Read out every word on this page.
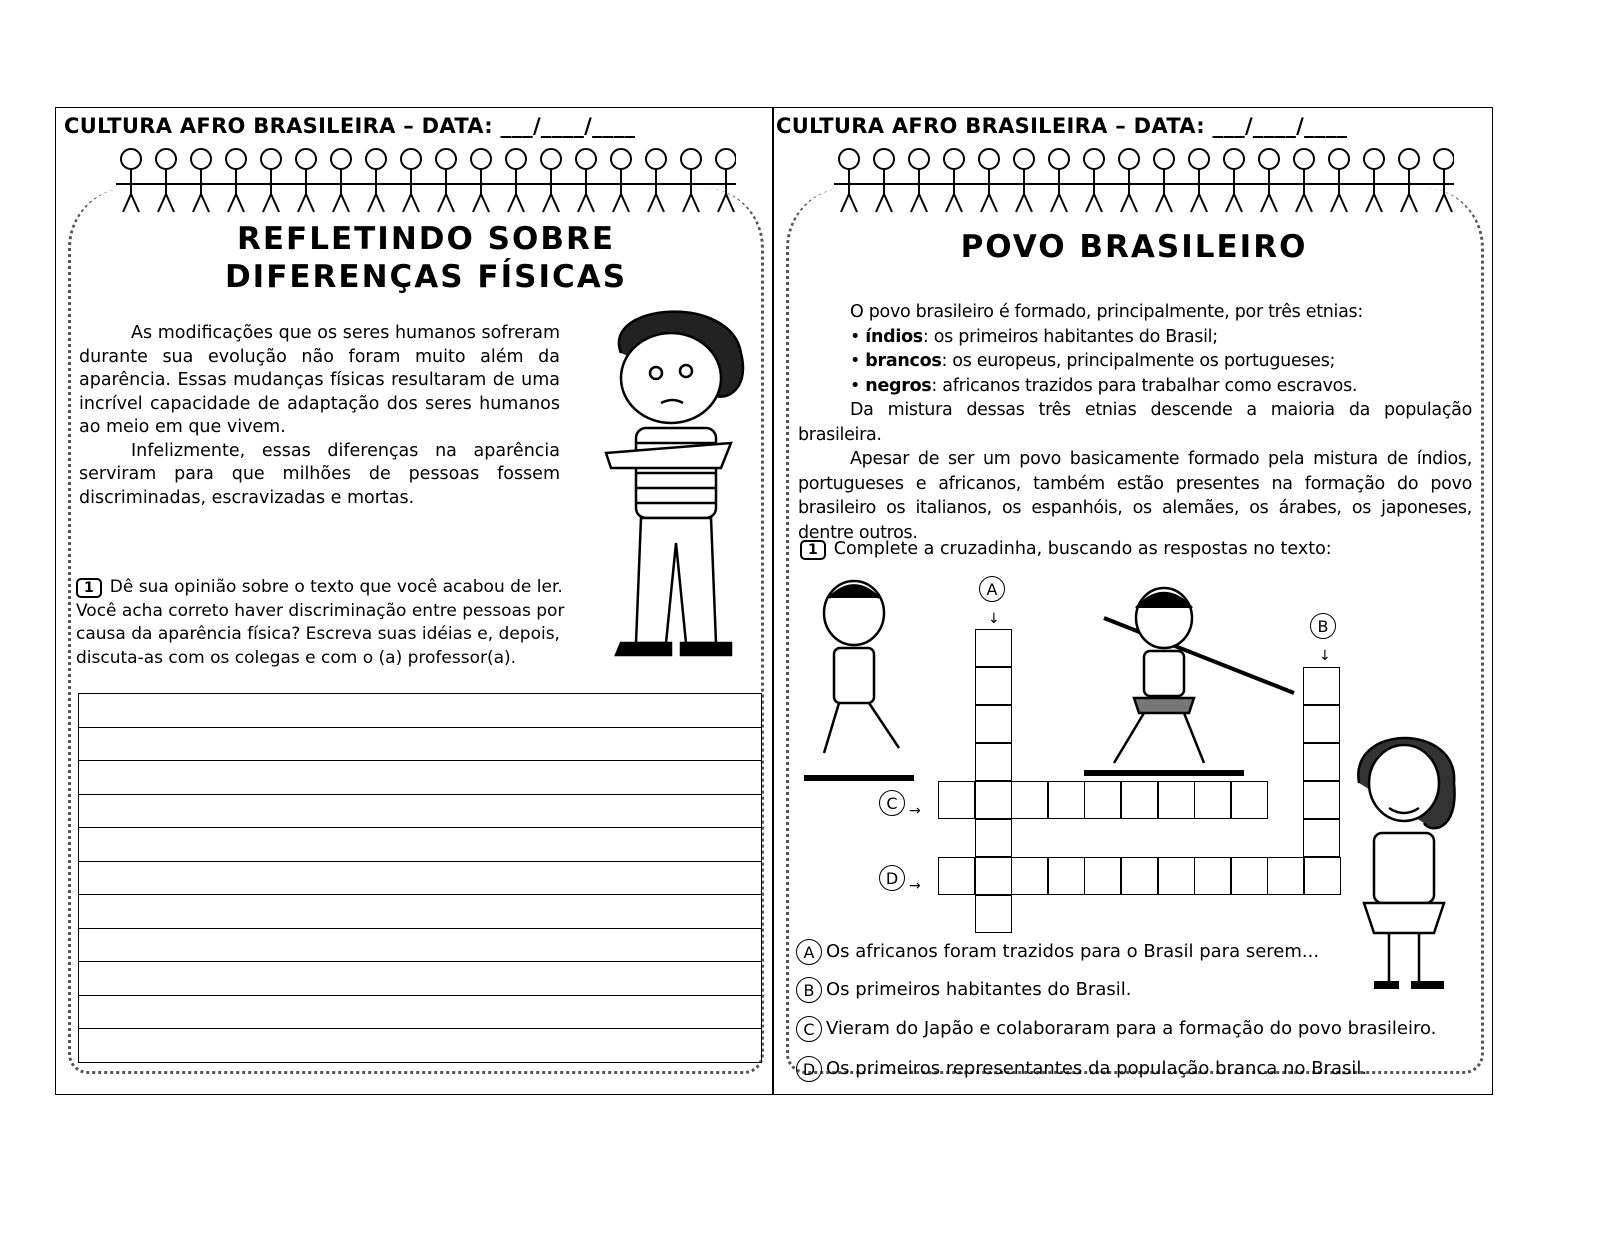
CULTURA AFRO BRASILEIRA – DATA: ___/____/____
REFLETINDO SOBRE
DIFERENÇAS FÍSICAS

As modificações que os seres humanos sofreram durante sua evolução não foram muito além da aparência. Essas mudanças físicas resultaram de uma incrível capacidade de adaptação dos seres humanos ao meio em que vivem.

Infelizmente, essas diferenças na aparência serviram para que milhões de pessoas fossem discriminadas, escravizadas e mortas.

1 Dê sua opinião sobre o texto que você acabou de ler. Você acha correto haver discriminação entre pessoas por causa da aparência física? Escreva suas idéias e, depois, discuta-as com os colegas e com o (a) professor(a).
CULTURA AFRO BRASILEIRA – DATA: ___/____/____
POVO BRASILEIRO
O povo brasileiro é formado, principalmente, por três etnias:
• índios: os primeiros habitantes do Brasil;
• brancos: os europeus, principalmente os portugueses;
• negros: africanos trazidos para trabalhar como escravos.
Da mistura dessas três etnias descende a maioria da população brasileira.
Apesar de ser um povo basicamente formado pela mistura de índios, portugueses e africanos, também estão presentes na formação do povo brasileiro os italianos, os espanhóis, os alemães, os árabes, os japoneses, dentre outros.
1 Complete a cruzadinha, buscando as respostas no texto:
A
B
C
D
↓
↓
→
→
A Os africanos foram trazidos para o Brasil para serem...
B Os primeiros habitantes do Brasil.
C Vieram do Japão e colaboraram para a formação do povo brasileiro.
D Os primeiros representantes da população branca no Brasil.
